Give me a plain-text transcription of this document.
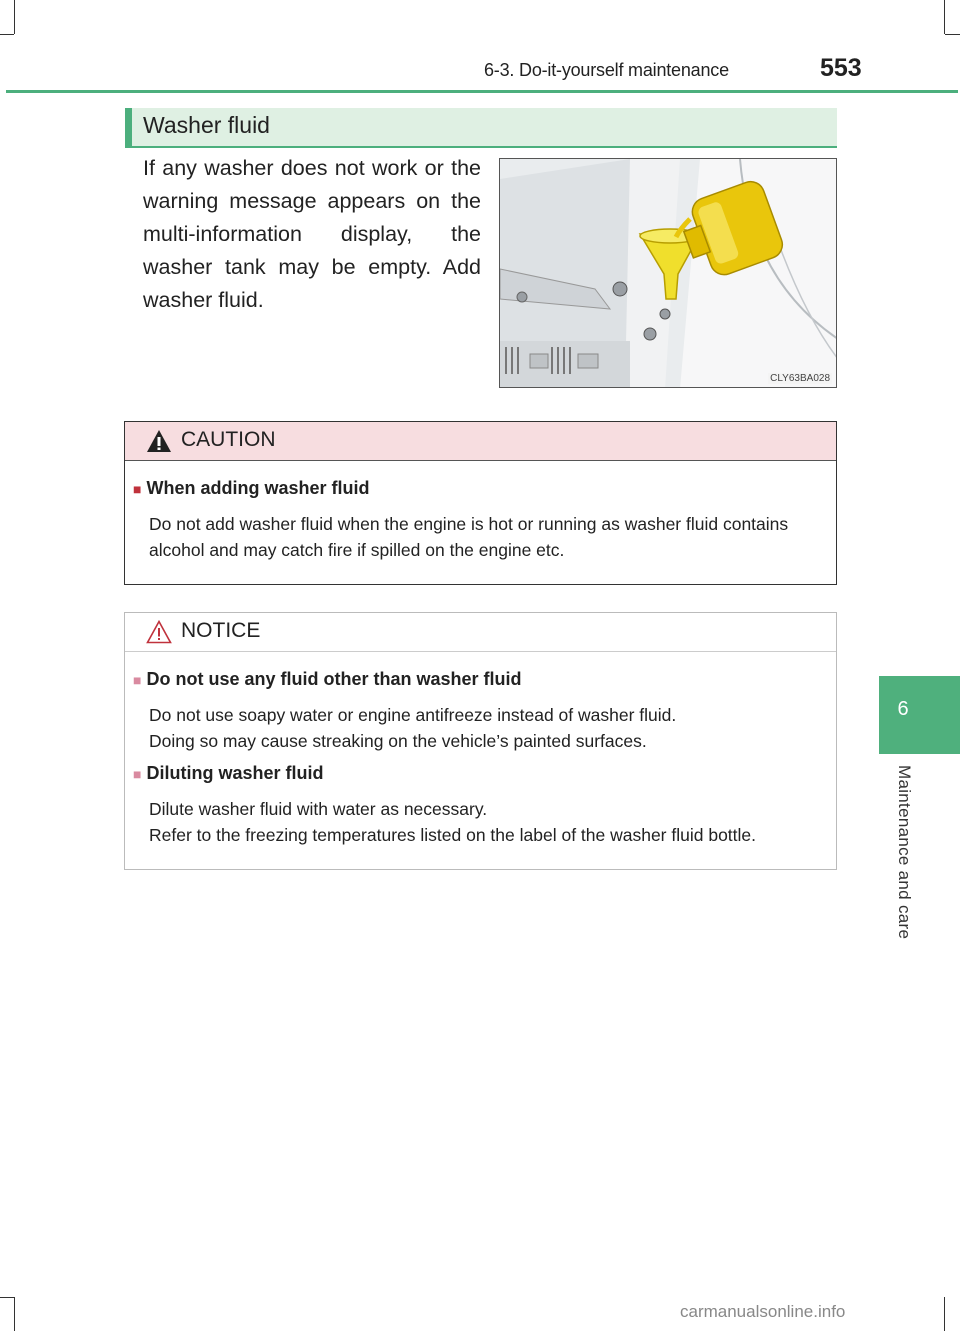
6-3. Do-it-yourself maintenance	553
6
Maintenance and care
Washer fluid
If any washer does not work or the warning message appears on the multi-information display, the washer tank may be empty. Add washer fluid.
CLY63BA028
CAUTION
■ When adding washer fluid
Do not add washer fluid when the engine is hot or running as washer fluid contains alcohol and may catch fire if spilled on the engine etc.
NOTICE
■ Do not use any fluid other than washer fluid
Do not use soapy water or engine antifreeze instead of washer fluid.
Doing so may cause streaking on the vehicle’s painted surfaces.
■ Diluting washer fluid
Dilute washer fluid with water as necessary.
Refer to the freezing temperatures listed on the label of the washer fluid bottle.
carmanualsonline.info
